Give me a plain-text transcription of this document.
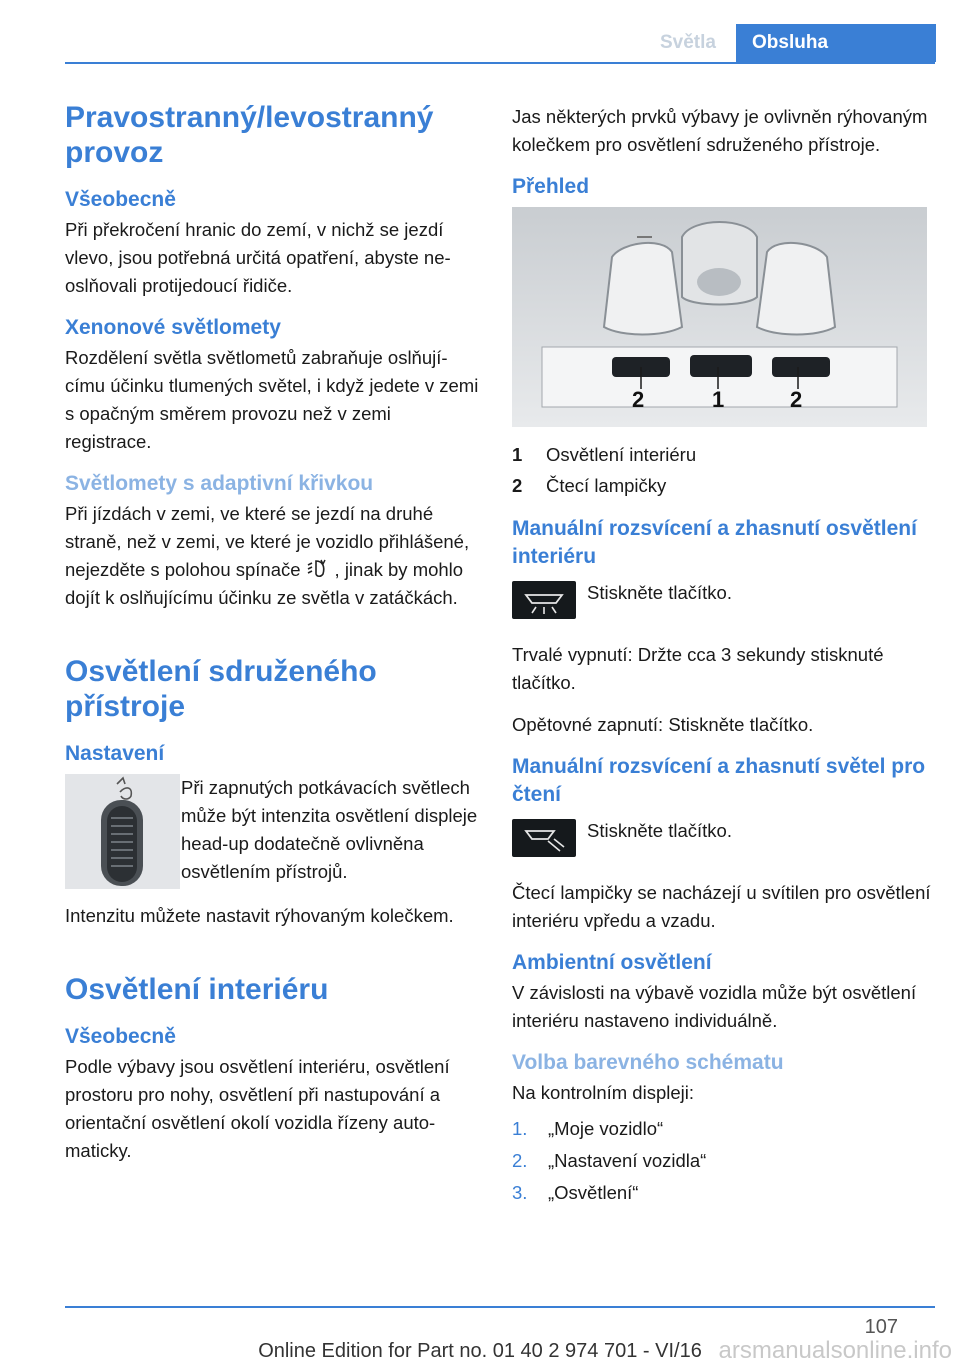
Světla	Obsluha
Pravostranný/levostranný provoz
Všeobecně
Při překročení hranic do zemí, v nichž se jezdí vlevo, jsou potřebná určitá opatření, abyste neoslňovali protijedoucí řidiče.
Xenonové světlomety
Rozdělení světla světlometů zabraňuje oslňujícímu účinku tlumených světel, i když jedete v zemi s opačným směrem provozu než v zemi registrace.
Světlomety s adaptivní křivkou
Při jízdách v zemi, ve které se jezdí na druhé straně, než v zemi, ve které je vozidlo přihlášené, nejezděte s polohou spínače , jinak by mohlo dojít k oslňujícímu účinku ze světla v zatáčkách.
Osvětlení sdruženého přístroje
Nastavení
Při zapnutých potkávacích světlech může být intenzita osvětlení displeje head-up dodatečně ovlivněna osvětlením přístrojů.
Intenzitu můžete nastavit rýhovaným kolečkem.
Osvětlení interiéru
Všeobecně
Podle výbavy jsou osvětlení interiéru, osvětlení prostoru pro nohy, osvětlení při nastupování a orientační osvětlení okolí vozidla řízeny automaticky.
Jas některých prvků výbavy je ovlivněn rýhovaným kolečkem pro osvětlení sdruženého přístroje.
Přehled
2	1	2
1 Osvětlení interiéru
2 Čtecí lampičky
Manuální rozsvícení a zhasnutí osvětlení interiéru
Stiskněte tlačítko.
Trvalé vypnutí: Držte cca 3 sekundy stisknuté tlačítko.
Opětovné zapnutí: Stiskněte tlačítko.
Manuální rozsvícení a zhasnutí světel pro čtení
Stiskněte tlačítko.
Čtecí lampičky se nacházejí u svítilen pro osvětlení interiéru vpředu a vzadu.
Ambientní osvětlení
V závislosti na výbavě vozidla může být osvětlení interiéru nastaveno individuálně.
Volba barevného schématu
Na kontrolním displeji:
1. „Moje vozidlo“
2. „Nastavení vozidla“
3. „Osvětlení“
107
Online Edition for Part no. 01 40 2 974 701 - VI/16 arsmanualsonline.info
